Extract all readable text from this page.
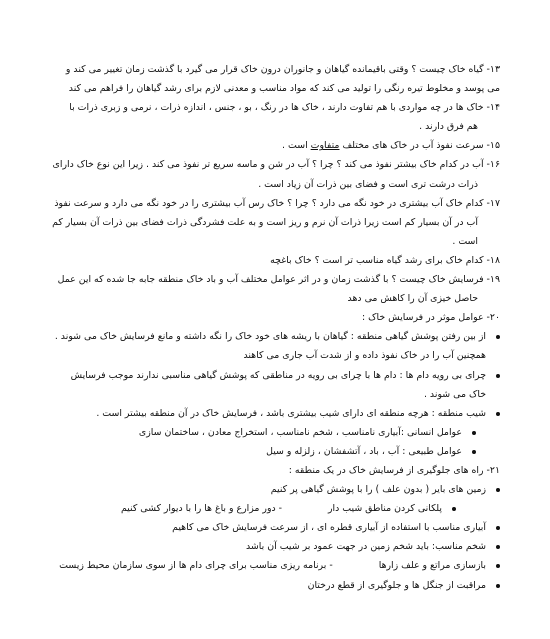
۱۳- گیاه خاک چیست ؟ وقتی باقیمانده گیاهان و جانوران درون خاک قرار می گیرد با گذشت زمان تغییر می کند و
می پوسد و مخلوط تیره رنگی را تولید می کند که مواد مناسب و معدنی لازم برای رشد گیاهان را فراهم می کند

۱۴- خاک ها در چه مواردی با هم تفاوت دارند ، خاک ها در رنگ ، بو ، جنس ، اندازه ذرات ، نرمی و زبری ذرات با
هم فرق دارند .

۱۵- سرعت نفوذ آب در خاک های مختلف متفاوت است .

۱۶- آب در کدام خاک بیشتر نفوذ می کند ؟ چرا ؟ آب در شن و ماسه سریع تر نفوذ می کند . زیرا این نوع خاک دارای
ذرات درشت تری است و فضای بین ذرات آن زیاد است .

۱۷- کدام خاک آب بیشتری در خود نگه می دارد ؟ چرا ؟ خاک رس آب بیشتری را در خود نگه می دارد و سرعت نفوذ
آب در آن بسیار کم است زیرا ذرات آن نرم و ریز است و به علت فشردگی ذرات فضای بین ذرات آن بسیار کم
است .

۱۸- کدام خاک برای رشد گیاه مناسب تر است ؟ خاک باغچه

۱۹- فرسایش خاک چیست ؟ با گذشت زمان و در اثر عوامل مختلف آب و باد خاک منطقه جابه جا شده که این عمل
حاصل خیزی آن را کاهش می دهد

۲۰- عوامل موثر در فرسایش خاک :

از بین رفتن پوشش گیاهی منطقه : گیاهان با ریشه های خود خاک را نگه داشته و مانع فرسایش خاک می شوند .
همچنین آب را در خاک نفوذ داده و از شدت آب جاری می کاهند
چرای بی رویه دام ها : دام ها با چرای بی رویه در مناطقی که پوشش گیاهی مناسبی ندارند موجب فرسایش
خاک می شوند .
شیب منطقه : هرچه منطقه ای دارای شیب بیشتری باشد ، فرسایش خاک در آن منطقه بیشتر است .
عوامل انسانی :آبیاری نامناسب ، شخم نامناسب ، استخراج معادن ، ساختمان سازی
عوامل طبیعی : آب ، باد ، آتشفشان ، زلزله و سیل

۲۱- راه های جلوگیری از فرسایش خاک در یک منطقه :

زمین های بایر ( بدون علف ) را با پوشش گیاهی پر کنیم
پلکانی کردن مناطق شیب دار
- دور مزارع و باغ ها را با دیوار کشی کنیم
آبیاری مناسب با استفاده از آبیاری قطره ای ، از سرعت فرسایش خاک می کاهیم
شخم مناسب: باید شخم زمین در جهت عمود بر شیب آن باشد
بازسازی مراتع و علف زارها
- برنامه ریزی مناسب برای چرای دام ها از سوی سازمان محیط زیست
مراقبت از جنگل ها و جلوگیری از قطع درختان
